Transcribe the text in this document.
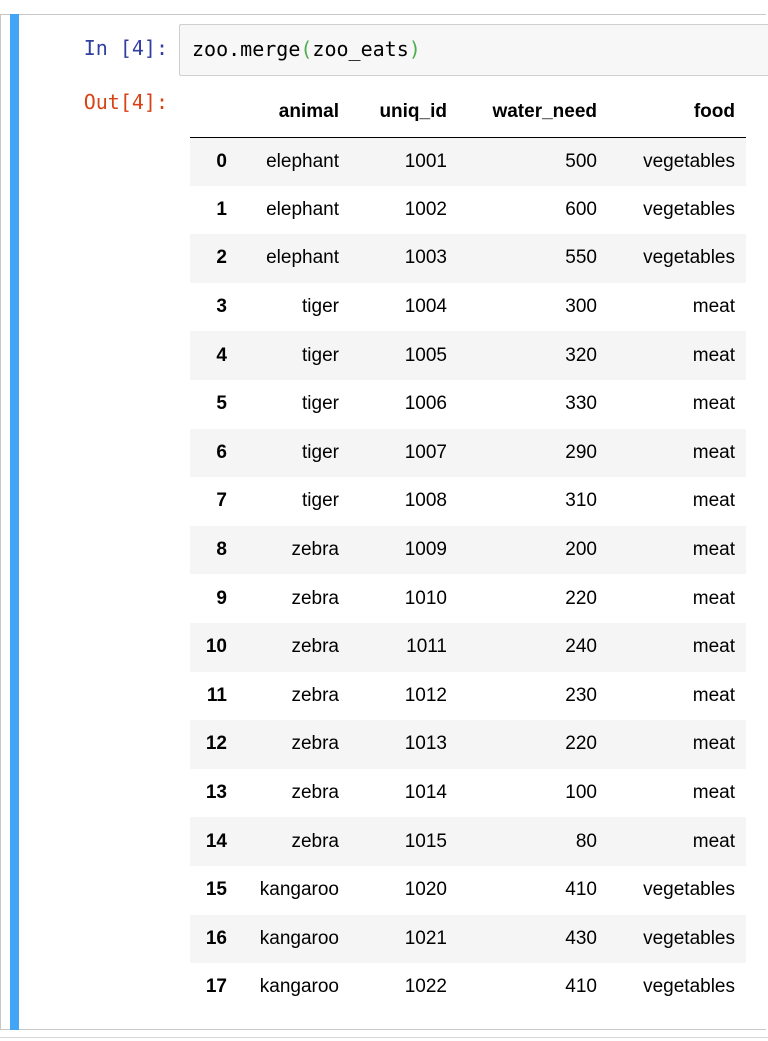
In [4]: zoo.merge(zoo_eats)
Out[4]:
		animal	uniq_id	water_need	food
0	elephant	1001	500	vegetables
1	elephant	1002	600	vegetables
2	elephant	1003	550	vegetables
3	tiger	1004	300	meat
4	tiger	1005	320	meat
5	tiger	1006	330	meat
6	tiger	1007	290	meat
7	tiger	1008	310	meat
8	zebra	1009	200	meat
9	zebra	1010	220	meat
10	zebra	1011	240	meat
11	zebra	1012	230	meat
12	zebra	1013	220	meat
13	zebra	1014	100	meat
14	zebra	1015	80	meat
15	kangaroo	1020	410	vegetables
16	kangaroo	1021	430	vegetables
17	kangaroo	1022	410	vegetables
